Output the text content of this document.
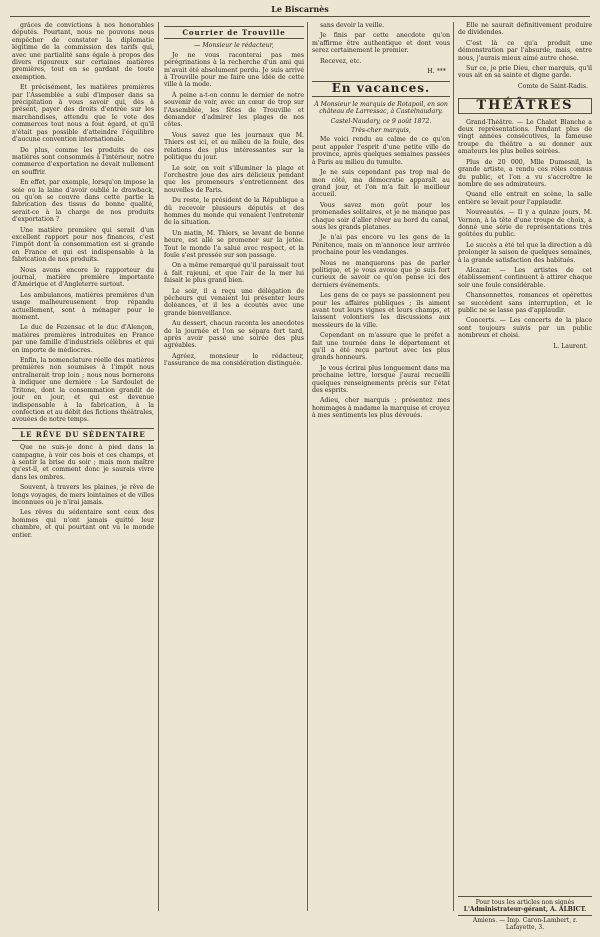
Le Biscarnès

grâces de convictions à nos honorables députés. Pourtant, nous ne pouvons nous empêcher de constater la diplomatie légitime de la commission des tarifs qui, avec une partialité sans égale à propos des divers rigoureux sur certaines matières premières, tout en se gardant de toute exemption.

Et précisément, les matières premières par l'Assemblée a subi d'imposer dans sa précipitation à vous savoir qui, dès à présent, payer des droits d'entrée sur les marchandises, attendu que le vote des commerces tout nous a fout égard, et qu'il n'était pas possible d'atteindre l'équilibre d'aucune convention internationale.

De plus, comme les produits de ces matières sont consommés à l'intérieur, notre commerce d'exportation ne devait nullement en souffrir.

En effet, par exemple, lorsqu'on impose la soie ou la laine d'avoir oublié le drawback, ou qu'on se couvre dans cette partie la fabrication des tissus de bonne qualité, serait-ce à la charge de nos produits d'exportation ?

Une matière première qui serait d'un excellent rapport pour nos finances, c'est l'impôt dont la consommation est si grande en France et qui est indispensable à la fabrication de nos produits.

Nous avons encore le rapporteur du journal, matière première importante d'Amérique et d'Angleterre surtout.

Les ambulances, matières premières d'un usage malheureusement trop répandu actuellement, sont à ménager pour le moment.

Le duc de Fezensac et le duc d'Alençon, matières premières introduites en France par une famille d'industriels célèbres et qui en importe de médiocres.

Enfin, la nomenclature réelle des matières premières non soumises à l'impôt nous entraînerait trop loin ; nous nous bornerons à indiquer une dernière : Le Sardoulet de Tritone, dont la consommation grandit de jour en jour, et qui est devenue indispensable à la fabrication, à la confection et au débit des fictions théâtrales, avouées de notre temps.

LE RÊVE DU SÉDENTAIRE

Que ne suis-je donc à pied dans la campagne, à voir ces bois et ces champs, et à sentir la brise du soir ; mais mon maître qu'est-il, et comment donc je saurais vivre dans les ombres.

Souvent, à travers les plaines, je rêve de longs voyages, de mers lointaines et de villes inconnues où je n'irai jamais.

Les rêves du sédentaire sont ceux des hommes qui n'ont jamais quitté leur chambre, et qui pourtant ont vu le monde entier.

Courrier de Trouville
— Monsieur le rédacteur,

Je ne vous raconterai pas mes pérégrinations à la recherche d'un ami qui m'avait été absolument perdu. Je suis arrivé à Trouville pour me faire une idée de cette ville à la mode.

À peine a-t-on connu le dernier de notre souvenir de voir, avec un cœur de trop sur l'Assemblée, les fêtes de Trouville et demander d'admirer les plages de nos côtes.

Vous savez que les journaux que M. Thiers est ici, et au milieu de la foule, des relations des plus intéressantes sur la politique du jour.

Le soir, on voit s'illuminer la plage et l'orchestre joue des airs délicieux pendant que les promeneurs s'entretiennent des nouvelles de Paris.

Du reste, le président de la République a dû recevoir plusieurs députés et des hommes du monde qui venaient l'entretenir de la situation.

Un matin, M. Thiers, se levant de bonne heure, est allé se promener sur la jetée. Tout le monde l'a salué avec respect, et la foule s'est pressée sur son passage.

On a même remarqué qu'il paraissait tout à fait rajeuni, et que l'air de la mer lui faisait le plus grand bien.

Le soir, il a reçu une délégation de pêcheurs qui venaient lui présenter leurs doléances, et il les a écoutés avec une grande bienveillance.

Au dessert, chacun raconta les anecdotes de la journée et l'on se sépara fort tard, après avoir passé une soirée des plus agréables.

Agréez, monsieur le rédacteur, l'assurance de ma considération distinguée.

sans devoir la veille.

Je finis par cette anecdote qu'on m'affirme être authentique et dont vous serez certainement le premier.

Recevez, etc.

H. ***
En vacances.
À Monsieur le marquis de Rotapoil, en son château de Larressac, à Castelnaudary.
Castel-Naudary, ce 9 août 1872.
Très-cher marquis,

Me voici rendu au calme de ce qu'on peut appeler l'esprit d'une petite ville de province, après quelques semaines passées à Paris au milieu du tumulte.

Je ne suis cependant pas trop mal de mon côté, ma démocratie apparaît au grand jour, et l'on m'a fait le meilleur accueil.

Vous savez mon goût pour les promenades solitaires, et je ne manque pas chaque soir d'aller rêver au bord du canal, sous les grands platanes.

Je n'ai pas encore vu les gens de la Pénitence, mais on m'annonce leur arrivée prochaine pour les vendanges.

Nous ne manquerons pas de parler politique, et je vous avoue que je suis fort curieux de savoir ce qu'on pense ici des derniers événements.

Les gens de ce pays se passionnent peu pour les affaires publiques ; ils aiment avant tout leurs vignes et leurs champs, et laissent volontiers les discussions aux messieurs de la ville.

Cependant on m'assure que le préfet a fait une tournée dans le département et qu'il a été reçu partout avec les plus grands honneurs.

Je vous écrirai plus longuement dans ma prochaine lettre, lorsque j'aurai recueilli quelques renseignements précis sur l'état des esprits.

Adieu, cher marquis ; présentez mes hommages à madame la marquise et croyez à mes sentiments les plus dévoués.

Elle ne saurait définitivement produire de dividendes.

C'est là ce qu'a produit une démonstration par l'absurde, mais, entre nous, j'aurais mieux aimé autre chose.

Sur ce, je prie Dieu, cher marquis, qu'il vous ait en sa sainte et digne garde.

Comte de Saint-Radis.
THÉÂTRES

Grand-Théâtre. — Le Chalet Blanche a deux représentations. Pendant plus de vingt années consécutives, la fameuse troupe du théâtre a su donner aux amateurs les plus belles soirées.

Plus de 20 000, Mlle Dumesnil, la grande artiste, a rendu ces rôles connus du public, et l'on a vu s'accroître le nombre de ses admirateurs.

Quand elle entrait en scène, la salle entière se levait pour l'applaudir.

Nouveautés. — Il y a quinze jours, M. Vernon, à la tête d'une troupe de choix, a donné une série de représentations très goûtées du public.

Le succès a été tel que la direction a dû prolonger la saison de quelques semaines, à la grande satisfaction des habitués.

Alcazar. — Les artistes de cet établissement continuent à attirer chaque soir une foule considérable.

Chansonnettes, romances et opérettes se succèdent sans interruption, et le public ne se lasse pas d'applaudir.

Concerts. — Les concerts de la place sont toujours suivis par un public nombreux et choisi.

L. Laurent.
Pour tous les articles non signés
L'Administrateur-gérant, A. ALBICT.
Amiens. — Imp. Caron-Lambert, r. Lafayette, 3.
